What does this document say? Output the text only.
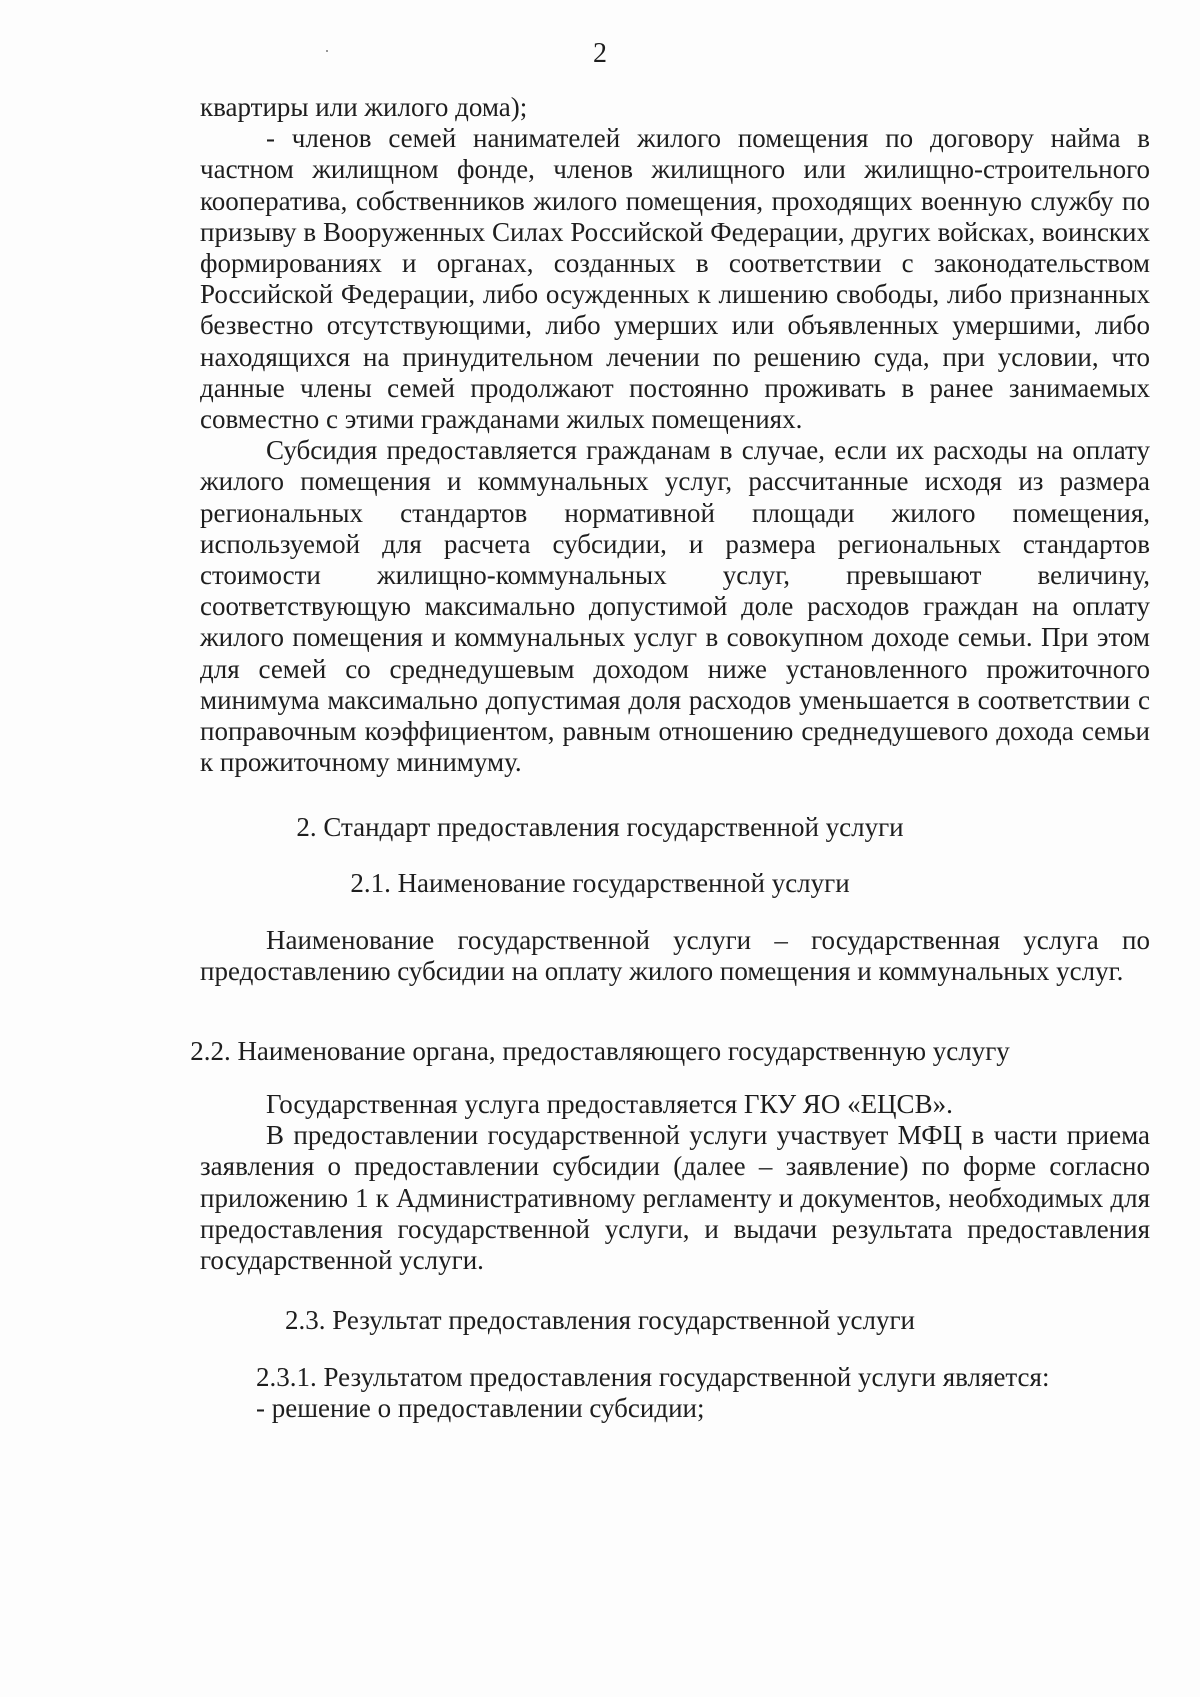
2

квартиры или жилого дома);

- членов семей нанимателей жилого помещения по договору найма в частном жилищном фонде, членов жилищного или жилищно-строительного кооператива, собственников жилого помещения, проходящих военную службу по призыву в Вооруженных Силах Российской Федерации, других войсках, воинских формированиях и органах, созданных в соответствии с законодательством Российской Федерации, либо осужденных к лишению свободы, либо признанных безвестно отсутствующими, либо умерших или объявленных умершими, либо находящихся на принудительном лечении по решению суда, при условии, что данные члены семей продолжают постоянно проживать в ранее занимаемых совместно с этими гражданами жилых помещениях.

Субсидия предоставляется гражданам в случае, если их расходы на оплату жилого помещения и коммунальных услуг, рассчитанные исходя из размера региональных стандартов нормативной площади жилого помещения, используемой для расчета субсидии, и размера региональных стандартов стоимости жилищно-коммунальных услуг, превышают величину, соответствующую максимально допустимой доле расходов граждан на оплату жилого помещения и коммунальных услуг в совокупном доходе семьи. При этом для семей со среднедушевым доходом ниже установленного прожиточного минимума максимально допустимая доля расходов уменьшается в соответствии с поправочным коэффициентом, равным отношению среднедушевого дохода семьи к прожиточному минимуму.

2. Стандарт предоставления государственной услуги
2.1. Наименование государственной услуги

Наименование государственной услуги – государственная услуга по предоставлению субсидии на оплату жилого помещения и коммунальных услуг.

2.2. Наименование органа, предоставляющего государственную услугу

Государственная услуга предоставляется ГКУ ЯО «ЕЦСВ».

В предоставлении государственной услуги участвует МФЦ в части приема заявления о предоставлении субсидии (далее – заявление) по форме согласно приложению 1 к Административному регламенту и документов, необходимых для предоставления государственной услуги, и выдачи результата предоставления государственной услуги.

2.3. Результат предоставления государственной услуги
2.3.1. Результатом предоставления государственной услуги является:
- решение о предоставлении субсидии;
